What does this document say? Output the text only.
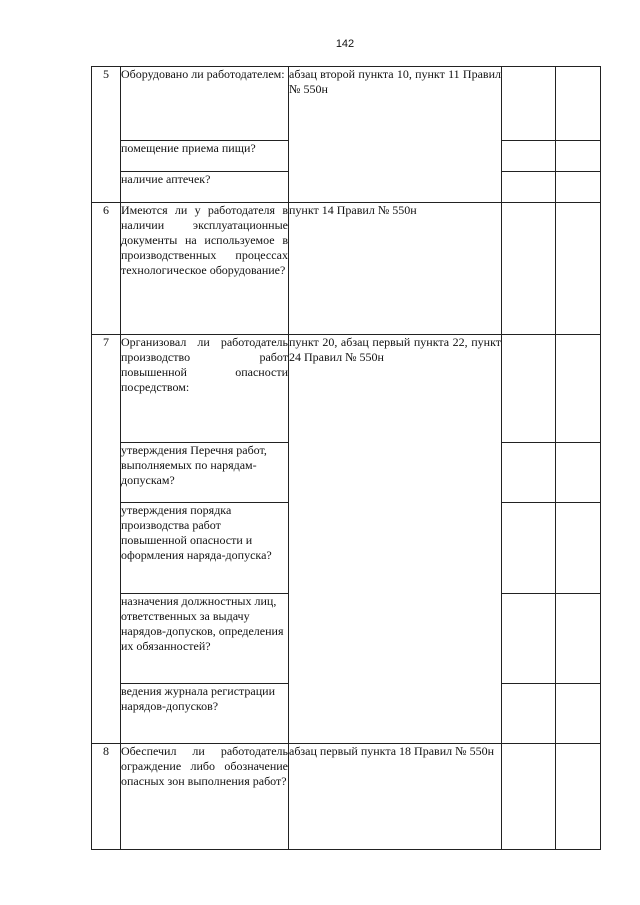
142
5	Оборудовано ли работодателем:	абзац второй пункта 10, пункт 11 Правил № 550н		
	помещение приема пищи?			
	наличие аптечек?			
6	Имеются ли у работодателя в наличии эксплуатационные документы на используемое в производственных процессах технологическое оборудование?	пункт 14 Правил № 550н		
7	Организовал ли работодатель производство работ повышенной опасности посредством:	пункт 20, абзац первый пункта 22, пункт 24 Правил № 550н		
	утверждения Перечня работ, выполняемых по нарядам-допускам?			
	утверждения порядка производства работ повышенной опасности и оформления наряда-допуска?			
	назначения должностных лиц, ответственных за выдачу нарядов-допусков, определения их обязанностей?			
	ведения журнала регистрации нарядов-допусков?			
8	Обеспечил ли работодатель ограждение либо обозначение опасных зон выполнения работ?	абзац первый пункта 18 Правил № 550н		
